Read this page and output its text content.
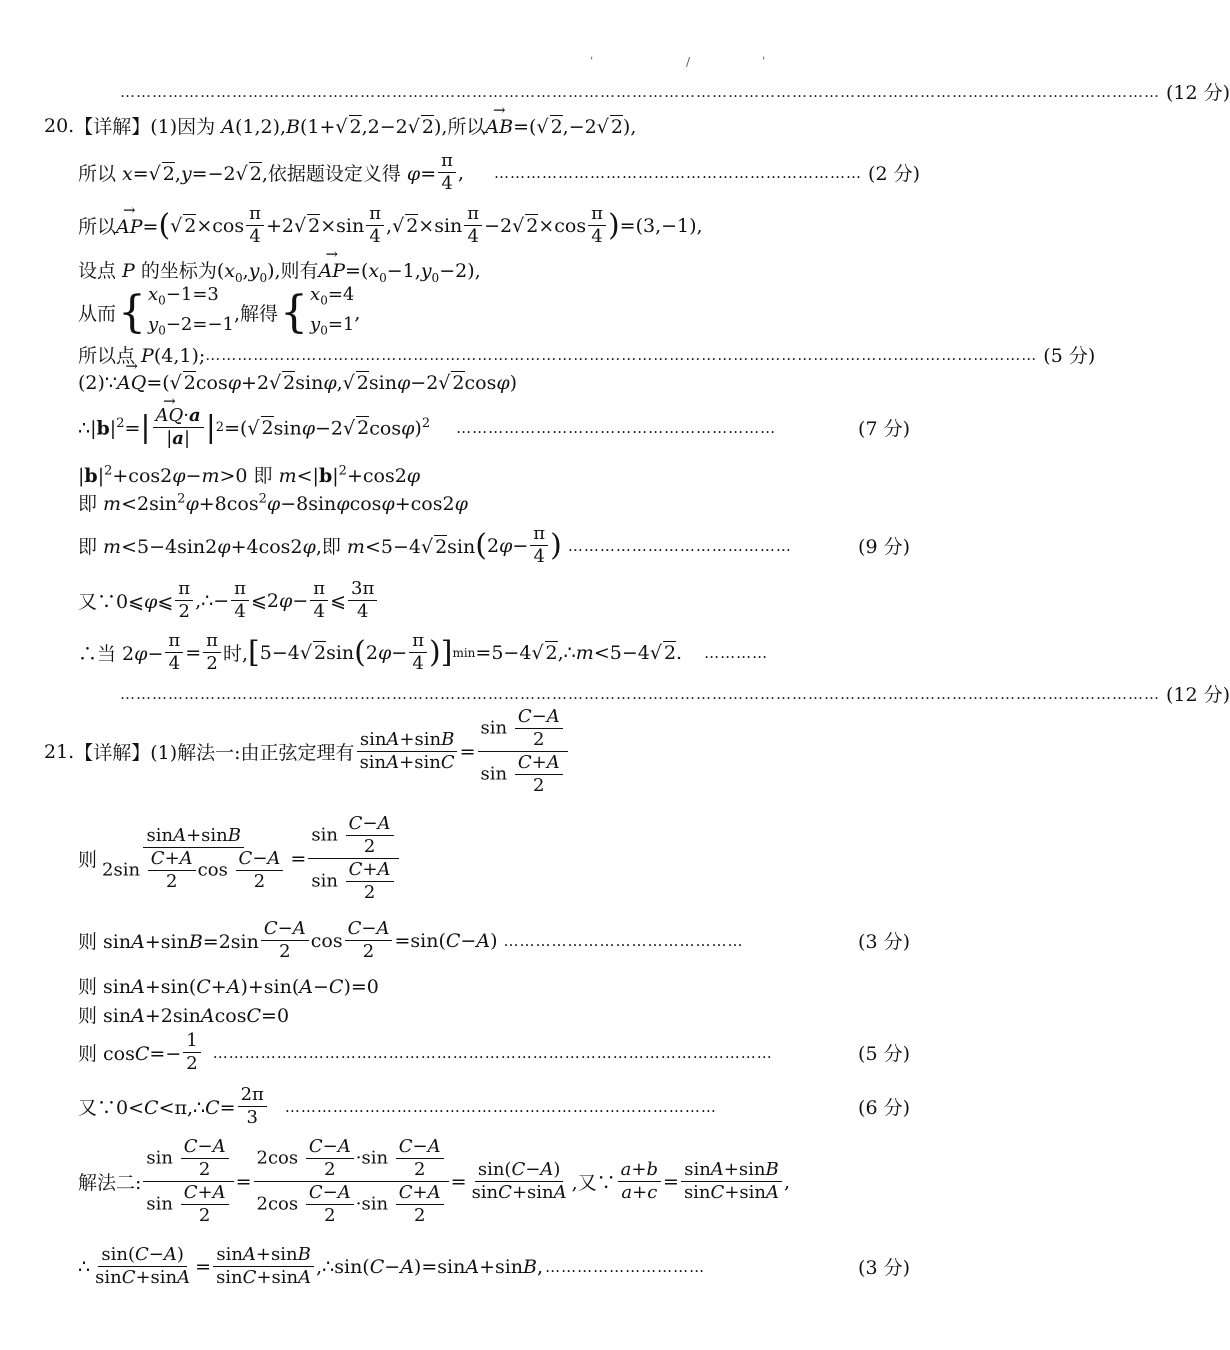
ˈ	/	ˈ
…………………………………………………………………………………………………………………………………………………………………………… (12 分)
20. 【详解】 (1)因为 A(1,2),B(1+√ 2,2−2√ 2),所以→ AB=(√ 2,−2√ 2),
所以 x=√ 2,y=−2√ 2,依据题设定义得 $\varphi= \frac{\pi}{4}$ , …………………………………………………………… (2 分)
所以→ AP= ( √ $2\times\cos \frac{\pi}{4} +2√$ $2\times\sin \frac{\pi}{4}$ ,√ $2\times\sin \frac{\pi}{4} -2√$ $2\times\cos \frac{\pi}{4}$ ) =(3,−1),
设点 P 的坐标为$(x_0,y_0)$,则有→ $AP=(x_0-1,y_0-2)$,
从而 { $x_0-1=3$
$y_0-2=-1$ ,解得 { $x_0=4$
$y_0=1$
,
所以点 P(4,1); ………………………………………………………………………………………………………………………………………… (5 分)
(2)∵→ AQ=(√ 2cosφ+2√ 2sinφ,√ 2sinφ−2√ 2cosφ)
$\therefore|b|^2=$ |
→ $\frac{AQ\cdot a}{|a|}$ | 2 =(√ 2sinφ−2√ 2cosφ)$^2$ ……………………………………………………	(7 分)
$|b|^2+\cos 2\varphi-m>0$ 即 $m<|b|^2+\cos 2\varphi$
即 $m<2\sin^2\varphi+8\cos^2\varphi-8\sin\varphi\cos\varphi+\cos 2\varphi$
即 m<5−4sin2φ+4cos2φ,即 m<5−4√ 2sin ( $2\varphi- \frac{\pi}{4}$ ) ……………………………………	(9 分)
又∵0⩽φ⩽ $\frac{\pi}{2}$ ,∴− $\frac{\pi}{4}$ ⩽2φ− $\frac{\pi}{4}$ ⩽ $\frac{3\pi}{4}$
∴当 $2\varphi- \frac{\pi}{4} = \frac{\pi}{2}$ 时, [ 5−4√ 2sin ( $2\varphi- \frac{\pi}{4}$ ) ] min =5−4√ 2,∴m<5−4√ 2. …………
…………………………………………………………………………………………………………………………………………………………………………… (12 分)
21. 【详解】 (1)解法一:由正弦定理有 $\frac{\sin A+\sin B}{\sin A+\sin C} = \frac{\sin \frac{C-A}{2}}{\sin \frac{C+A}{2}}$
则 $\frac{\sin A+\sin B}{2\sin \frac{C+A}{2} \cos \frac{C-A}{2}} = \frac{\sin \frac{C-A}{2}}{\sin \frac{C+A}{2}}$
则 $\sin A+\sin B=2\sin \frac{C-A}{2}$ $\cos \frac{C-A}{2} =\sin(C-A)$ ………………………………………	(3 分)
则 sinA+sin(C+A)+sin(A−C)=0
则 sinA+2sinAcosC=0
则 $\cos C=- \frac{1}{2}$ ……………………………………………………………………………………………	(5 分)
又∵0<C<π,∴C= $\frac{2\pi}{3}$ ………………………………………………………………………	(6 分)
解法二: $\frac{\sin \frac{C-A}{2}}{\sin \frac{C+A}{2}} = \frac{2\cos \frac{C-A}{2} \cdot\sin \frac{C-A}{2}}{2\cos \frac{C-A}{2} \cdot\sin \frac{C+A}{2}} = \frac{\sin(C-A)}{\sin C+\sin A}$ ,又∵ $\frac{a+b}{a+c} = \frac{\sin A+\sin B}{\sin C+\sin A}$ ,
∴ $\frac{\sin(C-A)}{\sin C+\sin A} = \frac{\sin A+\sin B}{\sin C+\sin A}$ ,∴sin(C−A)=sinA+sinB, …………………………	(3 分)
